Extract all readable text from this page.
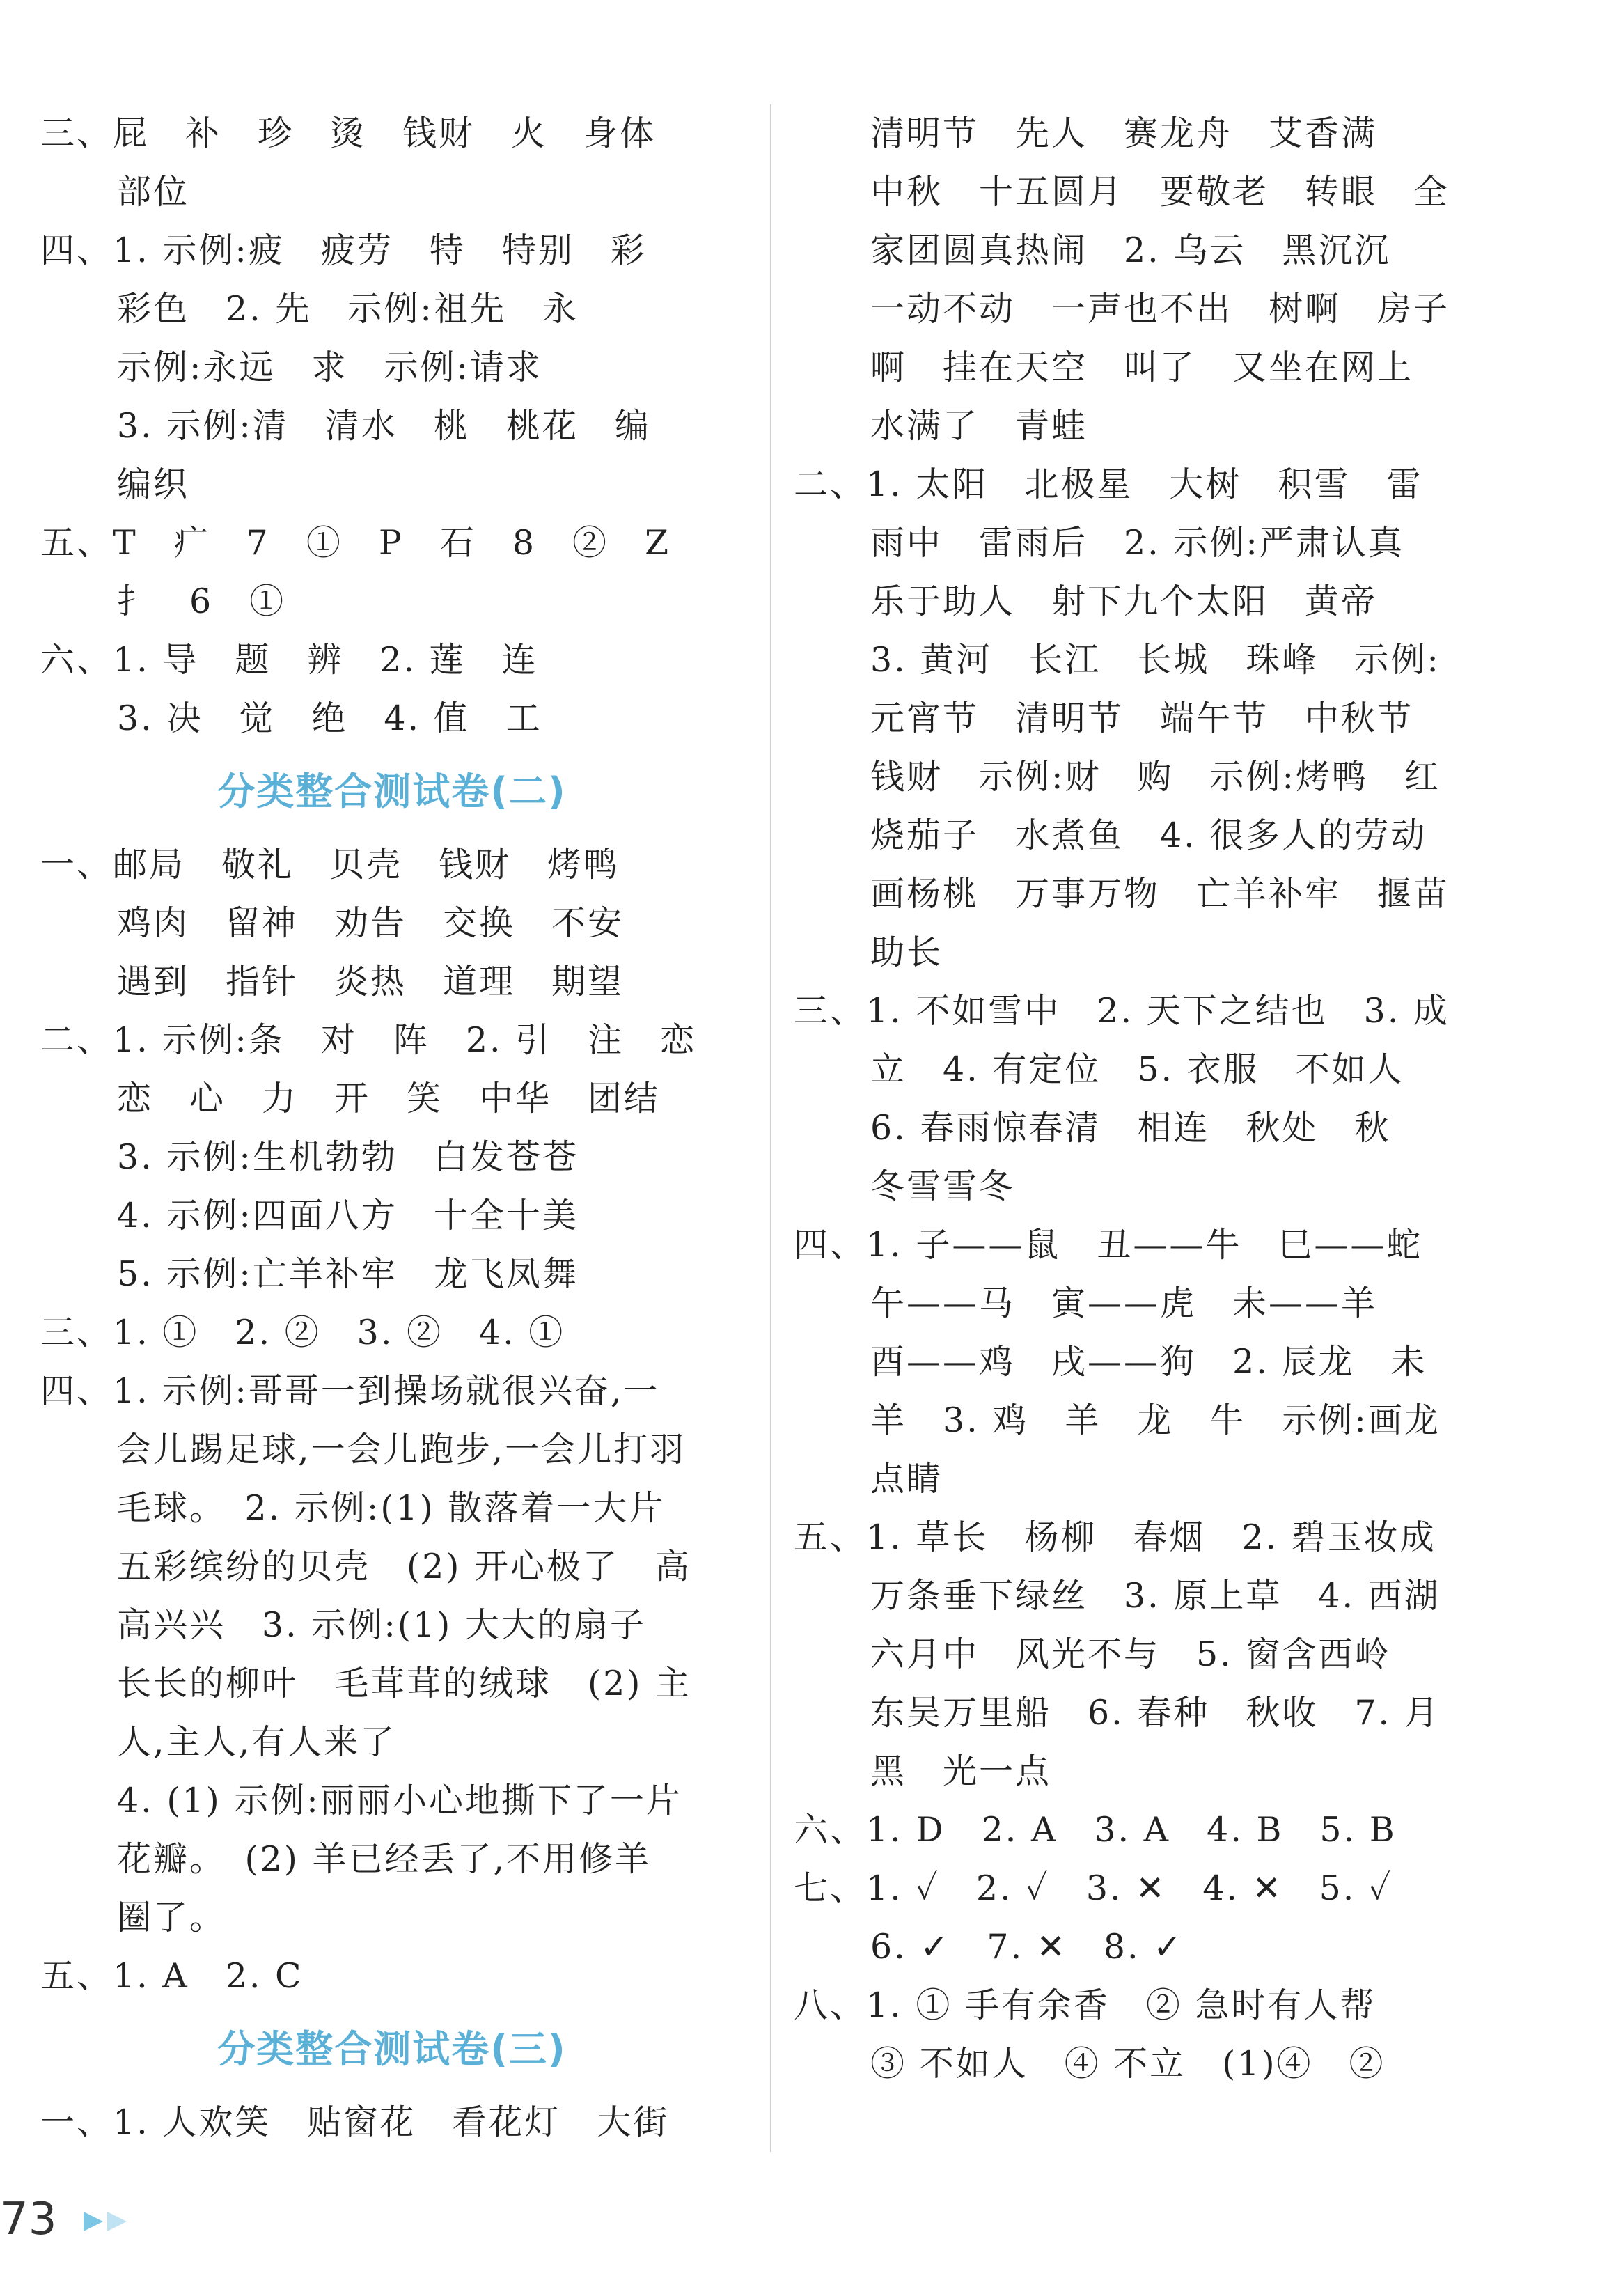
三、屁　补　珍　烫　钱财　火　身体
部位
四、1. 示例:疲　疲劳　特　特别　彩
彩色　2. 先　示例:祖先　永
示例:永远　求　示例:请求
3. 示例:清　清水　桃　桃花　编
编织
五、T　疒　7　①　P　石　8　②　Z
扌　6　①
六、1. 导　题　辨　2. 莲　连
3. 决　觉　绝　4. 值　工
分类整合测试卷(二)
一、邮局　敬礼　贝壳　钱财　烤鸭
鸡肉　留神　劝告　交换　不安
遇到　指针　炎热　道理　期望
二、1. 示例:条　对　阵　2. 引　注　恋
恋　心　力　开　笑　中华　团结
3. 示例:生机勃勃　白发苍苍
4. 示例:四面八方　十全十美
5. 示例:亡羊补牢　龙飞凤舞
三、1. ①　2. ②　3. ②　4. ①
四、1. 示例:哥哥一到操场就很兴奋,一
会儿踢足球,一会儿跑步,一会儿打羽
毛球。　2. 示例:(1) 散落着一大片
五彩缤纷的贝壳　(2) 开心极了　高
高兴兴　3. 示例:(1) 大大的扇子
长长的柳叶　毛茸茸的绒球　(2) 主
人,主人,有人来了
4. (1) 示例:丽丽小心地撕下了一片
花瓣。　(2) 羊已经丢了,不用修羊
圈了。
五、1. A　2. C
分类整合测试卷(三)
一、1. 人欢笑　贴窗花　看花灯　大街
清明节　先人　赛龙舟　艾香满
中秋　十五圆月　要敬老　转眼　全
家团圆真热闹　2. 乌云　黑沉沉
一动不动　一声也不出　树啊　房子
啊　挂在天空　叫了　又坐在网上
水满了　青蛙
二、1. 太阳　北极星　大树　积雪　雷
雨中　雷雨后　2. 示例:严肃认真
乐于助人　射下九个太阳　黄帝
3. 黄河　长江　长城　珠峰　示例:
元宵节　清明节　端午节　中秋节
钱财　示例:财　购　示例:烤鸭　红
烧茄子　水煮鱼　4. 很多人的劳动
画杨桃　万事万物　亡羊补牢　揠苗
助长
三、1. 不如雪中　2. 天下之结也　3. 成
立　4. 有定位　5. 衣服　不如人
6. 春雨惊春清　相连　秋处　秋
冬雪雪冬
四、1. 子——鼠　丑——牛　巳——蛇
午——马　寅——虎　未——羊
酉——鸡　戌——狗　2. 辰龙　未
羊　3. 鸡　羊　龙　牛　示例:画龙
点睛
五、1. 草长　杨柳　春烟　2. 碧玉妆成
万条垂下绿丝　3. 原上草　4. 西湖
六月中　风光不与　5. 窗含西岭
东吴万里船　6. 春种　秋收　7. 月
黑　光一点
六、1. D　2. A　3. A　4. B　5. B
七、1. ✓　2. ✓　3. ✕　4. ✕　5. ✓
6. ✓　7. ✕　8. ✓
八、1. ① 手有余香　② 急时有人帮
③ 不如人　④ 不立　(1)④　②
73
